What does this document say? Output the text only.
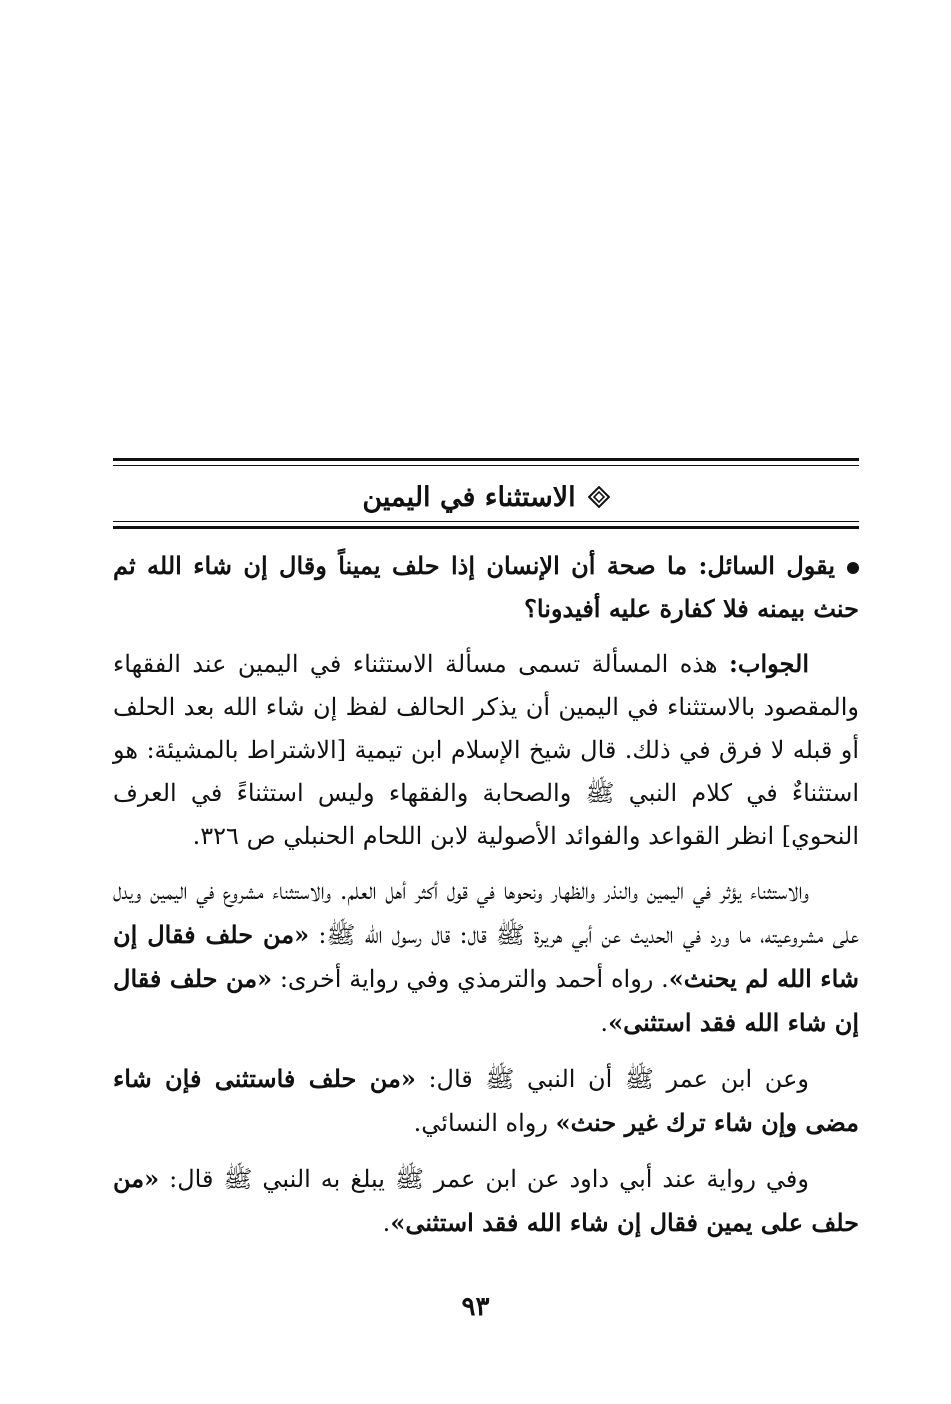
الاستثناء في اليمين

يقول السائل: ما صحة أن الإنسان إذا حلف يميناً وقال إن شاء الله ثم حنث بيمنه فلا كفارة عليه أفيدونا؟

الجواب: هذه المسألة تسمى مسألة الاستثناء في اليمين عند الفقهاء والمقصود بالاستثناء في اليمين أن يذكر الحالف لفظ إن شاء الله بعد الحلف أو قبله لا فرق في ذلك. قال شيخ الإسلام ابن تيمية [الاشتراط بالمشيئة: هو استثناءٌ في كلام النبي ﷺ والصحابة والفقهاء وليس استثناءً في العرف النحوي] انظر القواعد والفوائد الأصولية لابن اللحام الحنبلي ص ٣٢٦.

والاستثناء يؤثر في اليمين والنذر والظهار ونحوها في قول أكثر أهل العلم. والاستثناء مشروع في اليمين ويدل على مشروعيته، ما ورد في الحديث عن أبي هريرة ﷺ قال: قال رسول الله ﷺ: «من حلف فقال إن شاء الله لم يحنث». رواه أحمد والترمذي وفي رواية أخرى: «من حلف فقال إن شاء الله فقد استثنى».

وعن ابن عمر ﷺ أن النبي ﷺ قال: «من حلف فاستثنى فإن شاء مضى وإن شاء ترك غير حنث» رواه النسائي.

وفي رواية عند أبي داود عن ابن عمر ﷺ يبلغ به النبي ﷺ قال: «من حلف على يمين فقال إن شاء الله فقد استثنى».

٩٣
